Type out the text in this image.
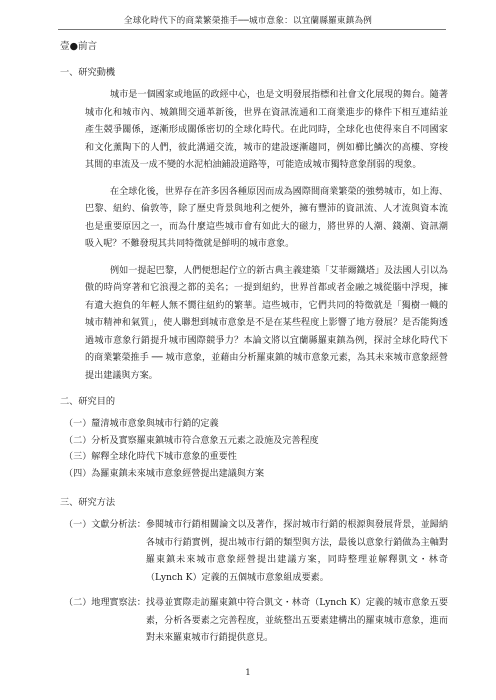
全球化時代下的商業繁榮推手──城市意象：以宜蘭縣羅東鎮為例
壹●前言
一、研究動機

城市是一個國家或地區的政經中心，也是文明發展指標和社會文化展現的舞台。隨著城市化和城市內、城鎮間交通革新後，世界在資訊流通和工商業進步的條件下相互連結並產生競爭關係，逐漸形成關係密切的全球化時代。在此同時，全球化也使得來自不同國家和文化薰陶下的人們，彼此溝通交流，城市的建設逐漸趨同，例如櫛比鱗次的高樓、穿梭其間的車流及一成不變的水泥柏油鋪設道路等，可能造成城市獨特意象削弱的現象。

在全球化後，世界存在許多因各種原因而成為國際間商業繁榮的強勢城市，如上海、巴黎、紐約、倫敦等，除了歷史背景與地利之便外，擁有豐沛的資訊流、人才流與資本流也是重要原因之一，而為什麼這些城市會有如此大的磁力，將世界的人潮、錢潮、資訊潮吸入呢？不難發現其共同特徵就是鮮明的城市意象。

例如一提起巴黎，人們便想起佇立的新古典主義建築「艾菲爾鐵塔」及法國人引以為傲的時尚穿著和它浪漫之都的美名；一提到紐約，世界首都或者金融之城從腦中浮現，擁有遺大抱負的年輕人無不嚮往紐約的繁華。這些城市，它們共同的特徵就是「獨樹一幟的城市精神和氣質」，使人聯想到城市意象是不是在某些程度上影響了地方發展？是否能夠透過城市意象行銷提升城市國際競爭力？本論文將以宜蘭縣羅東鎮為例，探討全球化時代下的商業繁榮推手 ── 城市意象，並藉由分析羅東鎮的城市意象元素，為其未來城市意象經營提出建議與方案。

二、研究目的
（一）釐清城市意象與城市行銷的定義
（二）分析及實察羅東鎮城市符合意象五元素之設施及完善程度
（三）解釋全球化時代下城市意象的重要性
（四）為羅東鎮未來城市意象經營提出建議與方案
三、研究方法
（一）文獻分析法： 參閱城市行銷相關論文以及著作，探討城市行銷的根源與發展背景，並歸納各城市行銷實例，提出城市行銷的類型與方法，最後以意象行銷做為主軸對羅東鎮未來城市意象經營提出建議方案，同時整理並解釋凱文・林奇（Lynch K）定義的五個城市意象組成要素。
（二）地理實察法： 找尋並實際走訪羅東鎮中符合凱文・林奇（Lynch K）定義的城市意象五要素，分析各要素之完善程度，並統整出五要素建構出的羅東城市意象，進而對未來羅東城市行銷提供意見。
1
